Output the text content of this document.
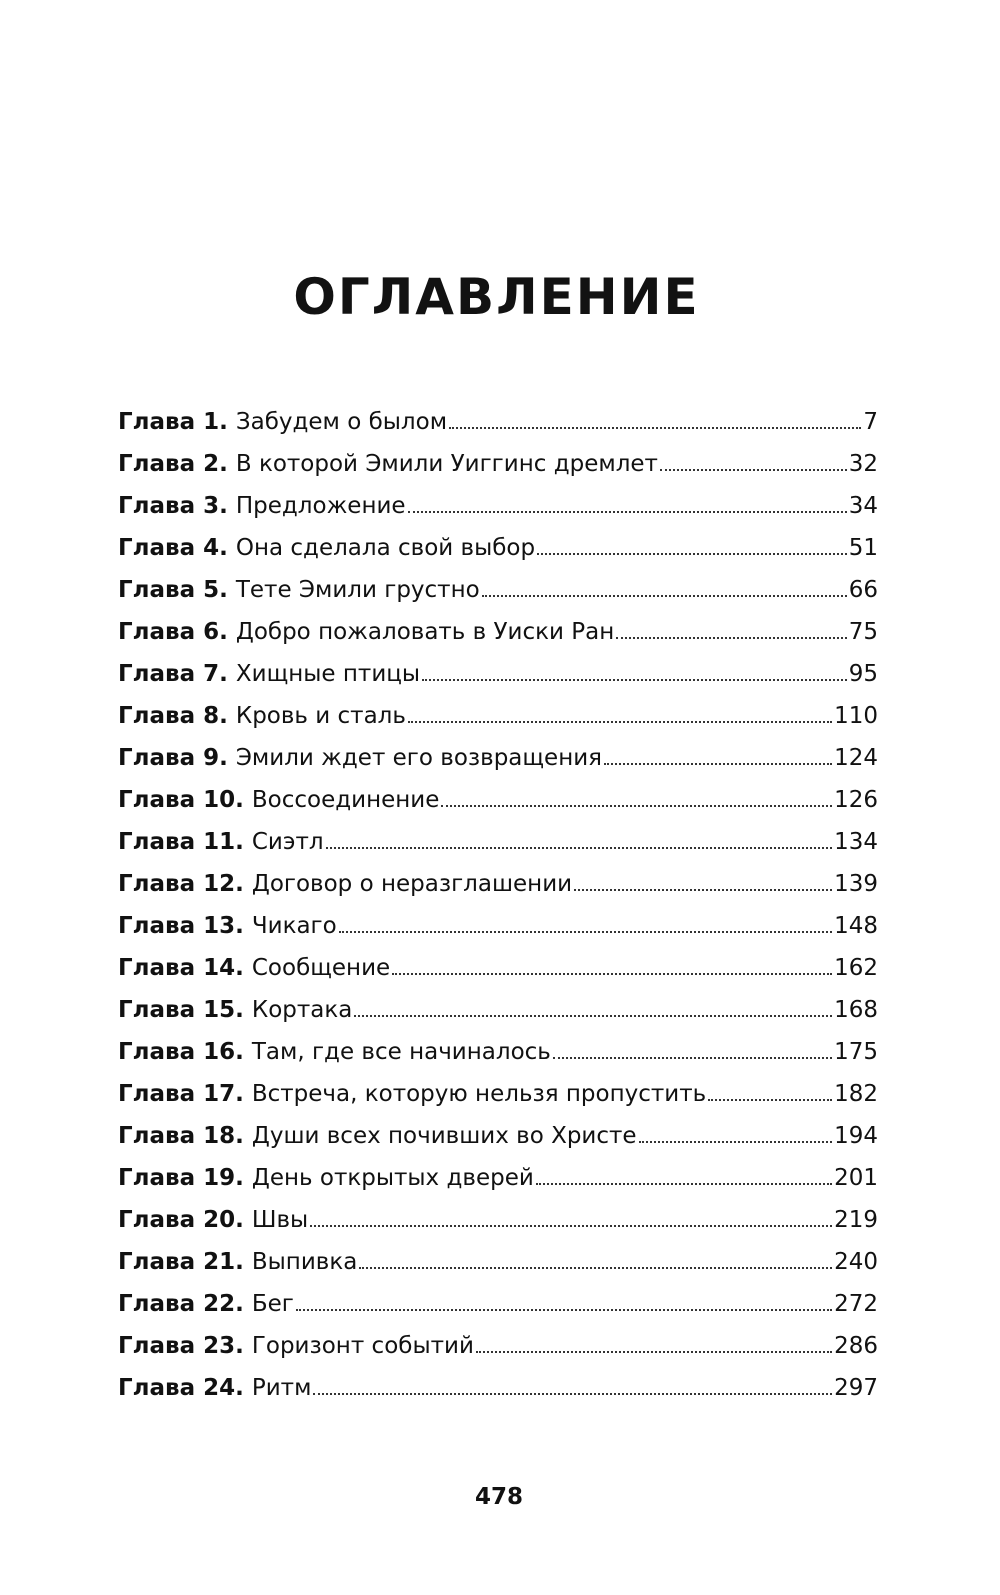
ОГЛАВЛЕНИЕ
Глава 1. Забудем о былом	7
Глава 2. В которой Эмили Уиггинс дремлет	32
Глава 3. Предложение	34
Глава 4. Она сделала свой выбор	51
Глава 5. Тете Эмили грустно	66
Глава 6. Добро пожаловать в Уиски Ран	75
Глава 7. Хищные птицы	95
Глава 8. Кровь и сталь	110
Глава 9. Эмили ждет его возвращения	124
Глава 10. Воссоединение	126
Глава 11. Сиэтл	134
Глава 12. Договор о неразглашении	139
Глава 13. Чикаго	148
Глава 14. Сообщение	162
Глава 15. Кортака	168
Глава 16. Там, где все начиналось	175
Глава 17. Встреча, которую нельзя пропустить	182
Глава 18. Души всех почивших во Христе	194
Глава 19. День открытых дверей	201
Глава 20. Швы	219
Глава 21. Выпивка	240
Глава 22. Бег	272
Глава 23. Горизонт событий	286
Глава 24. Ритм	297
478
